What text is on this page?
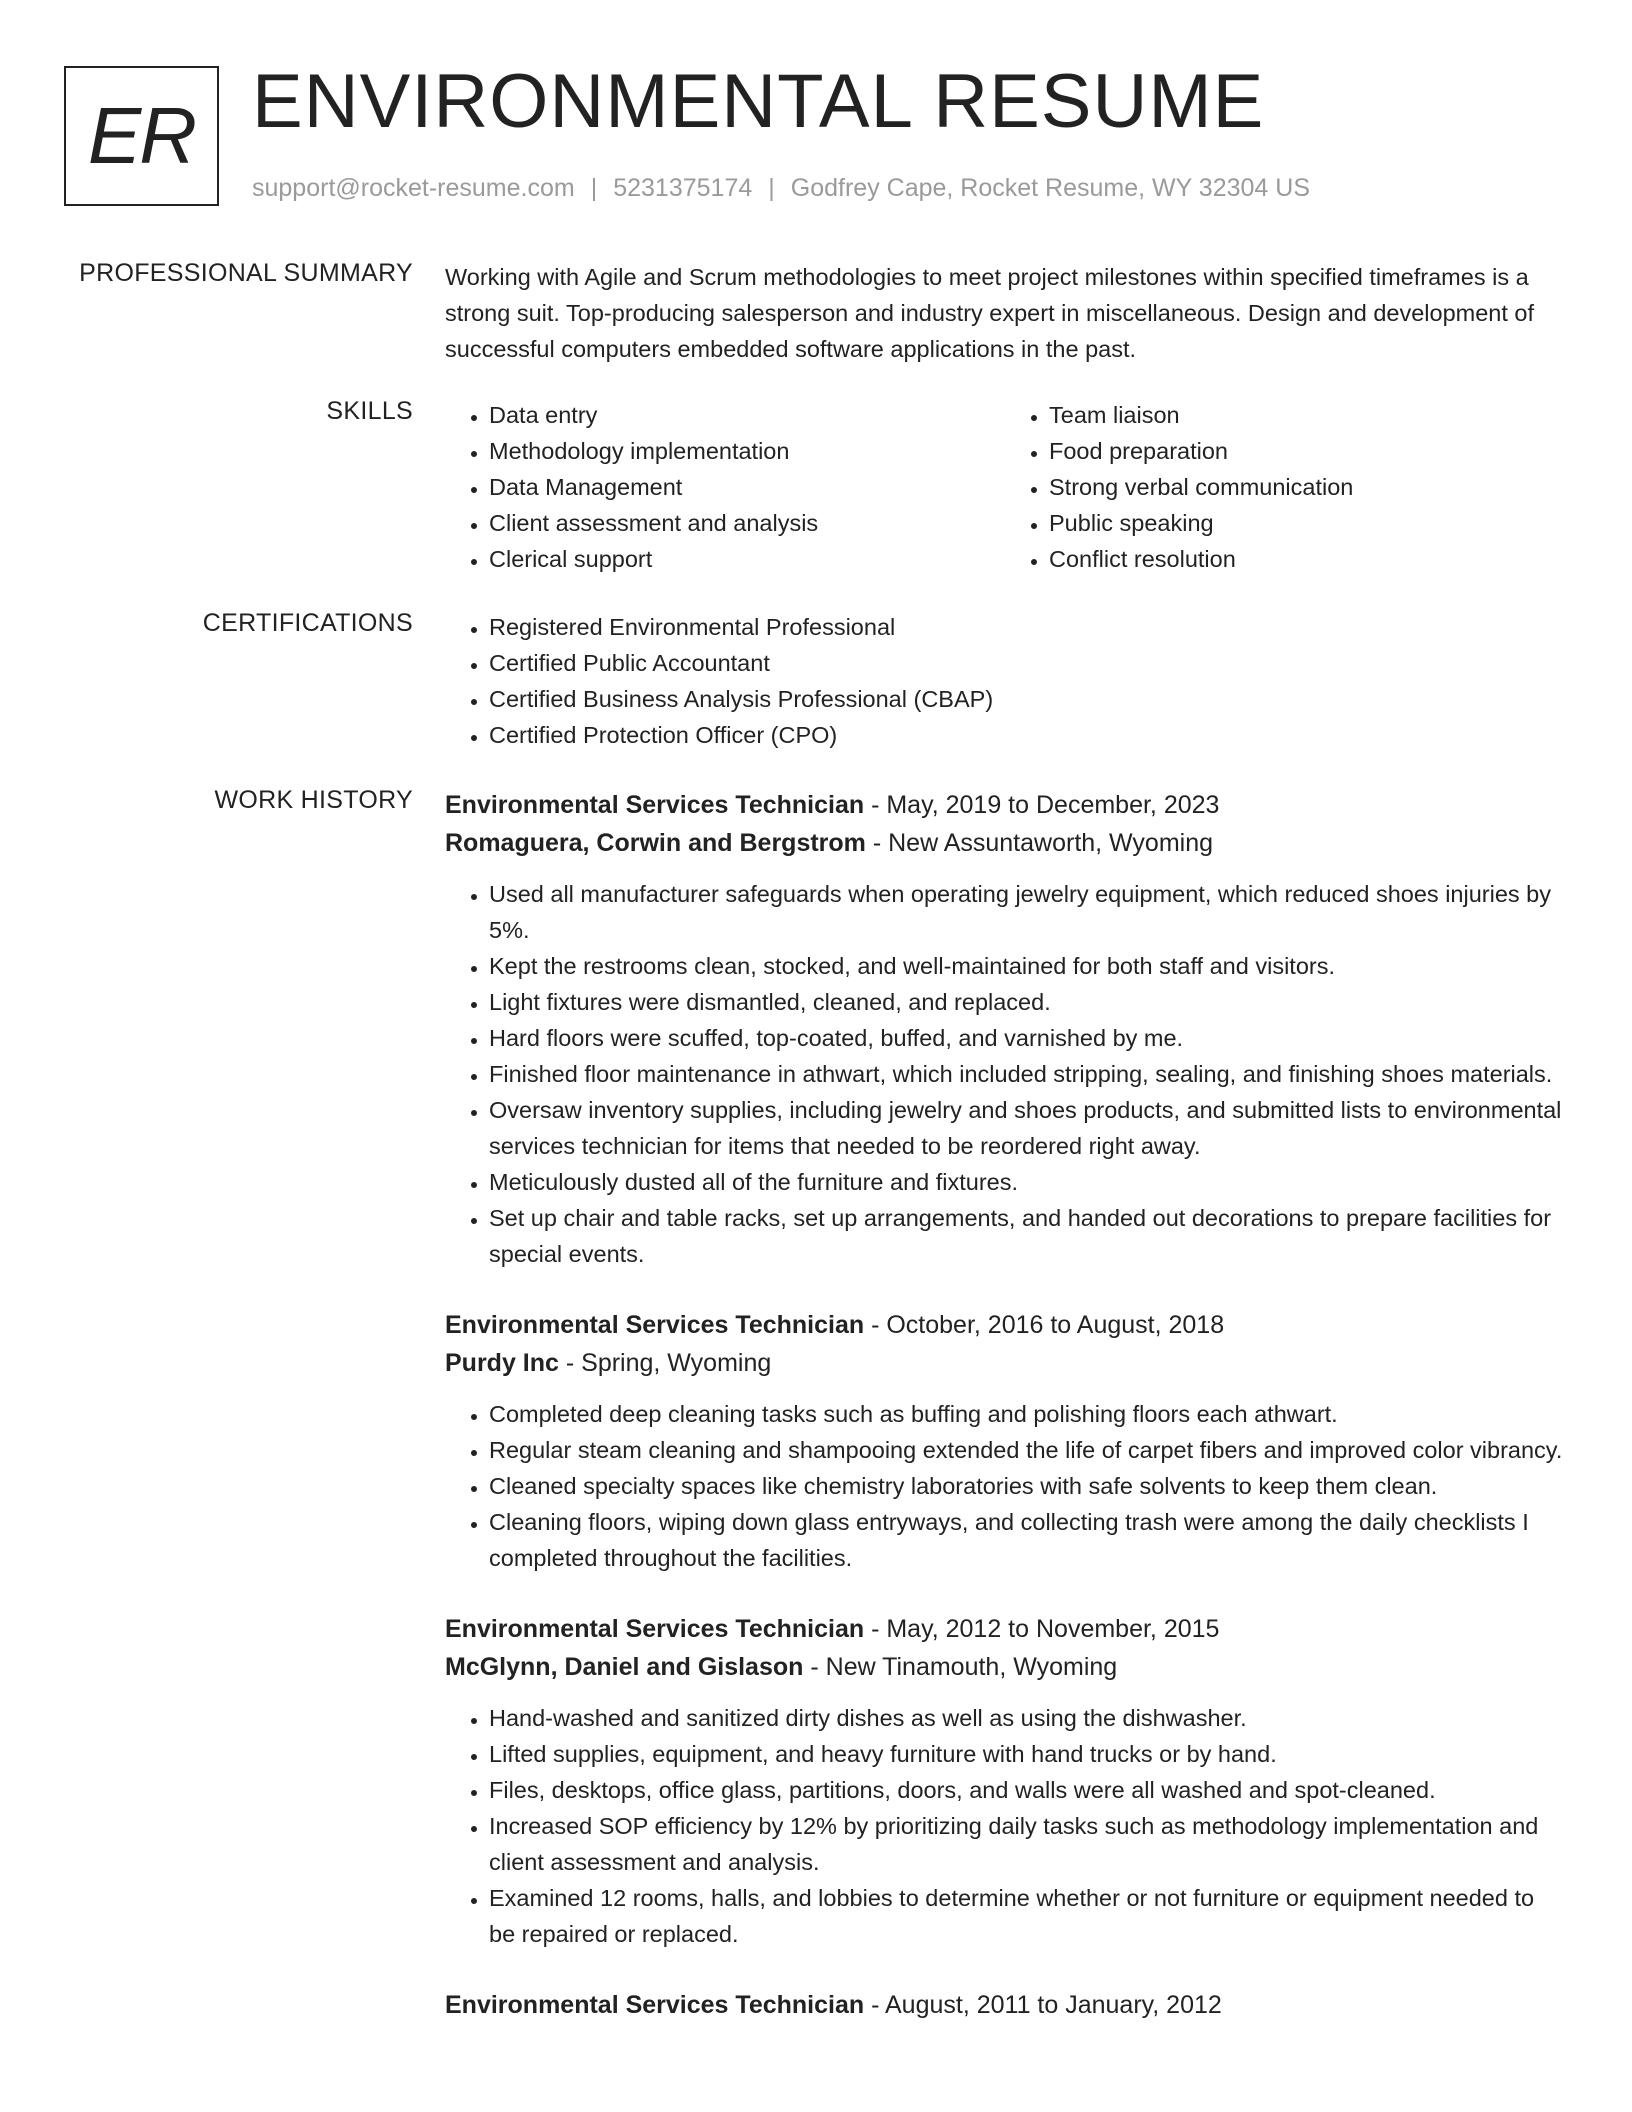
ER ENVIRONMENTAL RESUME
support@rocket-resume.com | 5231375174 | Godfrey Cape, Rocket Resume, WY 32304 US
PROFESSIONAL SUMMARY Working with Agile and Scrum methodologies to meet project milestones within specified timeframes is a strong suit. Top-producing salesperson and industry expert in miscellaneous. Design and development of successful computers embedded software applications in the past.
SKILLS	• Data entry
• Methodology implementation
• Data Management
• Client assessment and analysis
• Clerical support
• Team liaison
• Food preparation
• Strong verbal communication
• Public speaking
• Conflict resolution
CERTIFICATIONS	• Registered Environmental Professional
• Certified Public Accountant
• Certified Business Analysis Professional (CBAP)
• Certified Protection Officer (CPO)
WORK HISTORY Environmental Services Technician - May, 2019 to December, 2023
Romaguera, Corwin and Bergstrom - New Assuntaworth, Wyoming
• Used all manufacturer safeguards when operating jewelry equipment, which reduced shoes injuries by 5%.
• Kept the restrooms clean, stocked, and well-maintained for both staff and visitors.
• Light fixtures were dismantled, cleaned, and replaced.
• Hard floors were scuffed, top-coated, buffed, and varnished by me.
• Finished floor maintenance in athwart, which included stripping, sealing, and finishing shoes materials.
• Oversaw inventory supplies, including jewelry and shoes products, and submitted lists to environmental services technician for items that needed to be reordered right away.
• Meticulously dusted all of the furniture and fixtures.
• Set up chair and table racks, set up arrangements, and handed out decorations to prepare facilities for special events.
Environmental Services Technician - October, 2016 to August, 2018
Purdy Inc - Spring, Wyoming
• Completed deep cleaning tasks such as buffing and polishing floors each athwart.
• Regular steam cleaning and shampooing extended the life of carpet fibers and improved color vibrancy.
• Cleaned specialty spaces like chemistry laboratories with safe solvents to keep them clean.
• Cleaning floors, wiping down glass entryways, and collecting trash were among the daily checklists I completed throughout the facilities.
Environmental Services Technician - May, 2012 to November, 2015
McGlynn, Daniel and Gislason - New Tinamouth, Wyoming
• Hand-washed and sanitized dirty dishes as well as using the dishwasher.
• Lifted supplies, equipment, and heavy furniture with hand trucks or by hand.
• Files, desktops, office glass, partitions, doors, and walls were all washed and spot-cleaned.
• Increased SOP efficiency by 12% by prioritizing daily tasks such as methodology implementation and client assessment and analysis.
• Examined 12 rooms, halls, and lobbies to determine whether or not furniture or equipment needed to be repaired or replaced.
Environmental Services Technician - August, 2011 to January, 2012
